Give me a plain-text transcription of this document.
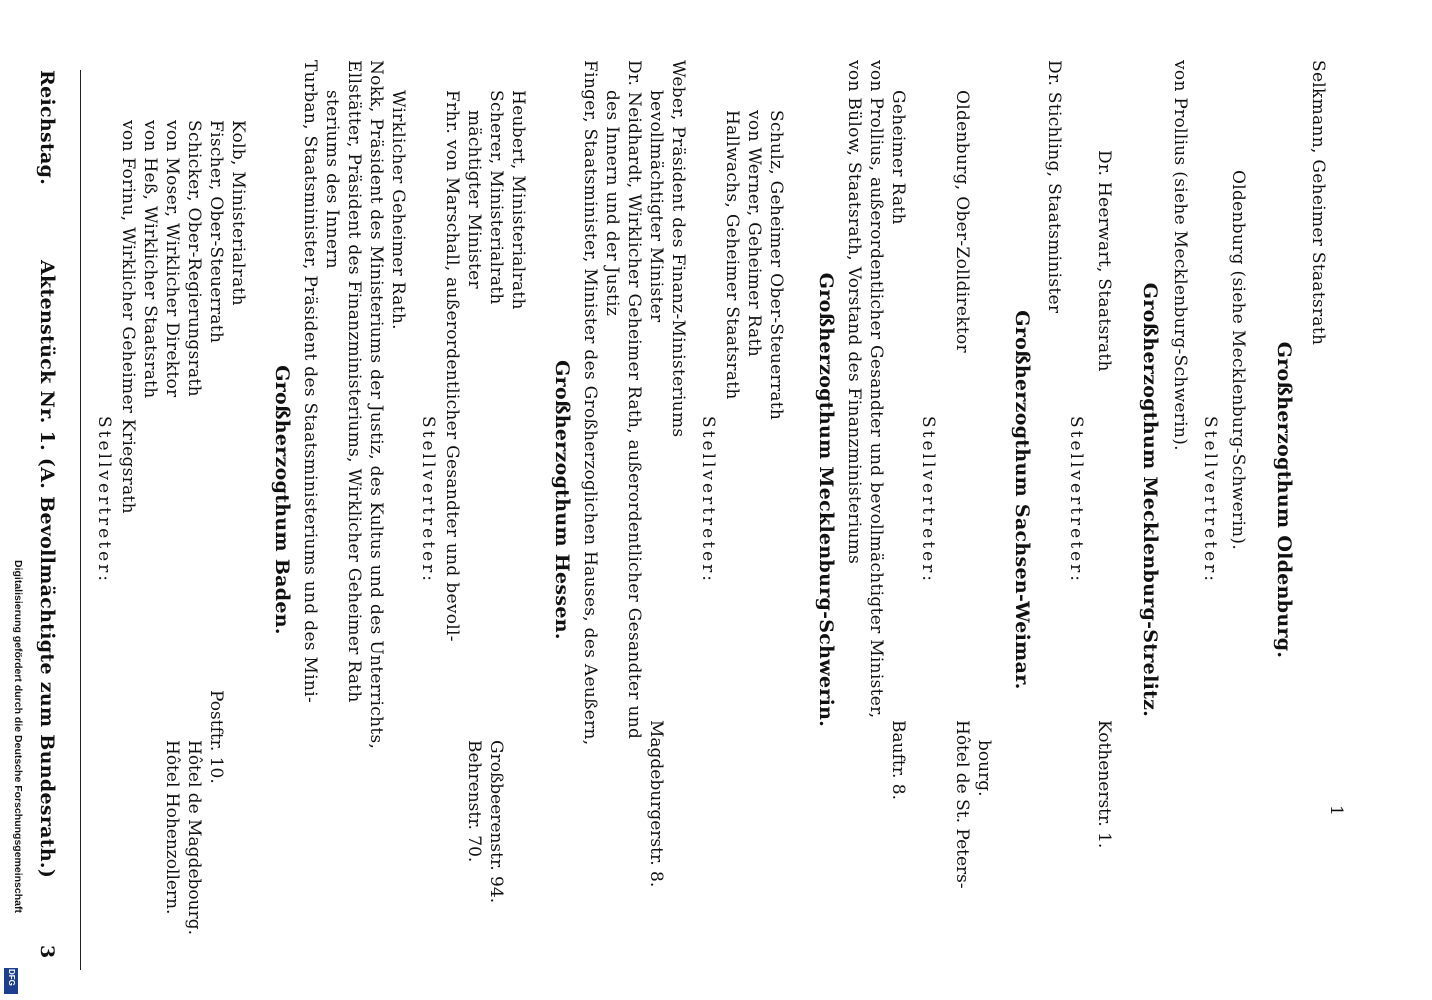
Reichstag.
Aktenstück Nr. 1. (A. Bevollmächtigte zum Bundesrath.)
3
Stellvertreter: von Forinu, Wirklicher Geheimer Kriegsrath
Hôtel Hohenzollern.
von Heß, Wirklicher Staatsrath
Hôtel de Magdebourg.
von Moser, Wirklicher Direktor
Postftr. 10.
Schicker, Ober-Regierungsrath Fischer, Ober-Steuerrath Kolb, Ministerialrath
Großherzogthum Baden. Turban, Staatsminister, Präsident des Staatsministeriums und des Mini- steriums des Innern Ellstätter, Präsident des Finanzministeriums, Wirklicher Geheimer Rath Nokk, Präsident des Ministeriums der Justiz, des Kultus und des Unterrichts, Wirklicher Geheimer Rath.
Stellvertreter: Frhr. von Marschall, außerordentlicher Gesandter und bevoll- mächtigter Minister
Behrenstr. 70.
Scherer, Ministerialrath
Großbeerenstr. 94.
Heubert, Ministerialrath
Großherzogthum Hessen. Finger, Staatsminister, Minister des Großherzoglichen Hauses, des Aeußern, des Innern und der Justiz Dr. Neidhardt, Wirklicher Geheimer Rath, außerordentlicher Gesandter und bevollmächtigter Minister Weber, Präsident des Finanz-Ministeriums
Magdeburgerstr. 8.
Stellvertreter:
Hallwachs, Geheimer Staatsrath von Werner, Geheimer Rath Schulz, Geheimer Ober-Steuerrath
Großherzogthum Mecklenburg-Schwerin. von Bülow, Staatsrath, Vorstand des Finanzministeriums von Prollius, außerordentlicher Gesandter und bevollmächtigter Minister, Geheimer Rath
Bauftr. 8.
Stellvertreter:
Oldenburg, Ober-Zolldirektor
Hôtel de St. Peters- bourg.
Großherzogthum Sachsen-Weimar.
Dr. Stichling, Staatsminister
Stellvertreter:
Dr. Heerwart, Staatsrath
Kothenerstr. 1.
Großherzogthum Mecklenburg-Strelitz.
von Prollius (siehe Mecklenburg-Schwerin).
Stellvertreter: Oldenburg (siehe Mecklenburg-Schwerin). Großherzogthum Oldenburg.
Selkmann, Geheimer Staatsrath
1
Digitalisierung gefördert durch die Deutsche Forschungsgemeinschaft
DFG
